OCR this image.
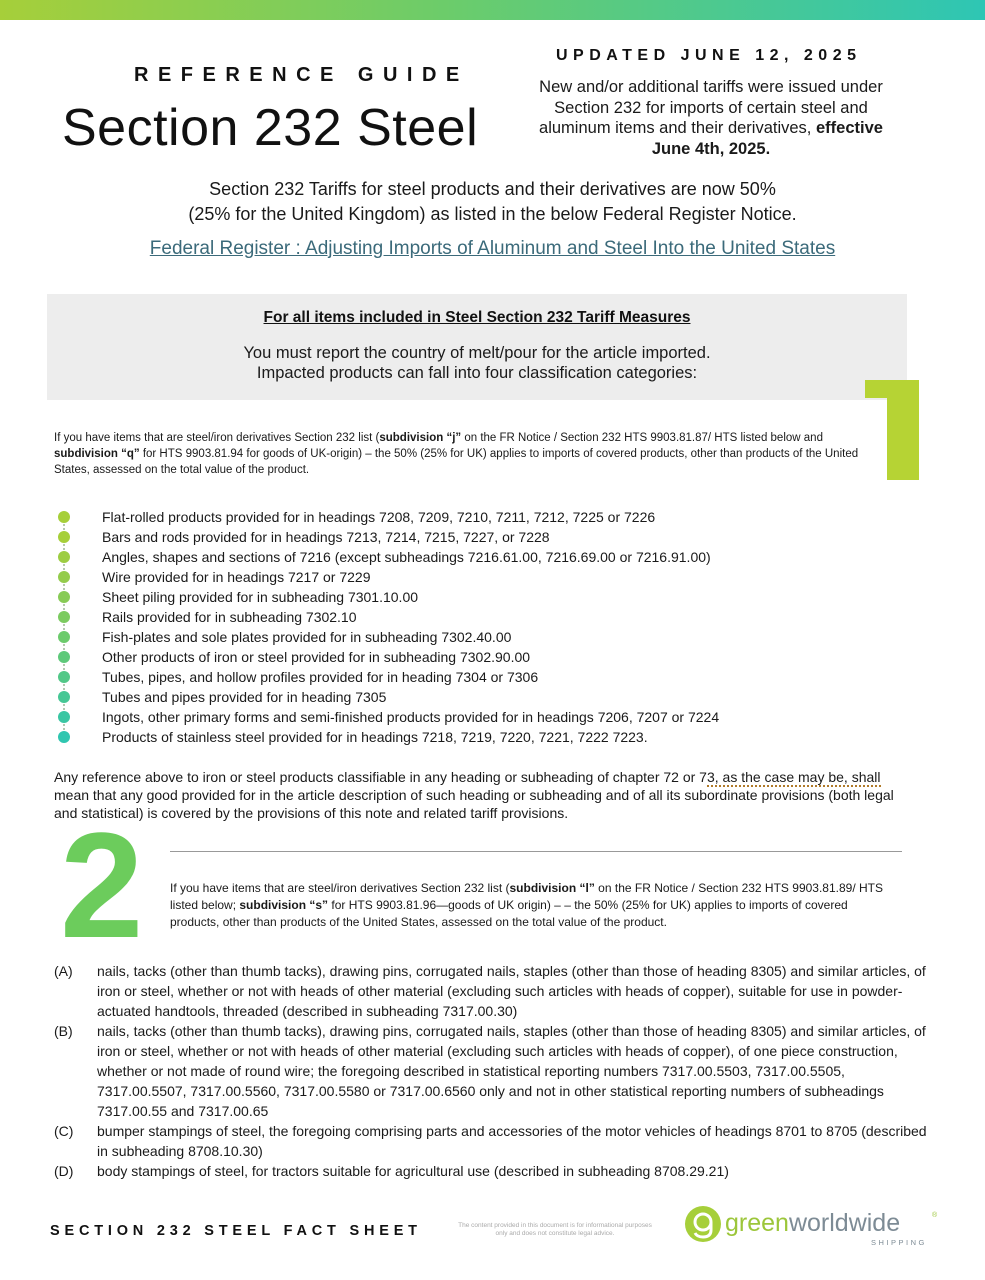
REFERENCE GUIDE
Section 232 Steel
UPDATED JUNE 12, 2025
New and/or additional tariffs were issued under Section 232 for imports of certain steel and aluminum items and their derivatives, effective June 4th, 2025.
Section 232 Tariffs for steel products and their derivatives are now 50%
(25% for the United Kingdom) as listed in the below Federal Register Notice.
Federal Register : Adjusting Imports of Aluminum and Steel Into the United States
For all items included in Steel Section 232 Tariff Measures
You must report the country of melt/pour for the article imported.
Impacted products can fall into four classification categories:
If you have items that are steel/iron derivatives Section 232 list (subdivision “j” on the FR Notice / Section 232 HTS 9903.81.87/ HTS listed below and subdivision “q” for HTS 9903.81.94 for goods of UK-origin) – the 50% (25% for UK) applies to imports of covered products, other than products of the United States, assessed on the total value of the product.
Flat-rolled products provided for in headings 7208, 7209, 7210, 7211, 7212, 7225 or 7226
Bars and rods provided for in headings 7213, 7214, 7215, 7227, or 7228
Angles, shapes and sections of 7216 (except subheadings 7216.61.00, 7216.69.00 or 7216.91.00)
Wire provided for in headings 7217 or 7229
Sheet piling provided for in subheading 7301.10.00
Rails provided for in subheading 7302.10
Fish-plates and sole plates provided for in subheading 7302.40.00
Other products of iron or steel provided for in subheading 7302.90.00
Tubes, pipes, and hollow profiles provided for in heading 7304 or 7306
Tubes and pipes provided for in heading 7305
Ingots, other primary forms and semi-finished products provided for in headings 7206, 7207 or 7224
Products of stainless steel provided for in headings 7218, 7219, 7220, 7221, 7222 7223.
Any reference above to iron or steel products classifiable in any heading or subheading of chapter 72 or 73, as the case may be, shall mean that any good provided for in the article description of such heading or subheading and of all its subordinate provisions (both legal and statistical) is covered by the provisions of this note and related tariff provisions.
2 If you have items that are steel/iron derivatives Section 232 list (subdivision “l” on the FR Notice / Section 232 HTS 9903.81.89/ HTS listed below; subdivision “s” for HTS 9903.81.96—goods of UK origin) – – the 50% (25% for UK) applies to imports of covered products, other than products of the United States, assessed on the total value of the product.
(A) nails, tacks (other than thumb tacks), drawing pins, corrugated nails, staples (other than those of heading 8305) and similar articles, of iron or steel, whether or not with heads of other material (excluding such articles with heads of copper), suitable for use in powder-actuated handtools, threaded (described in subheading 7317.00.30)
(B) nails, tacks (other than thumb tacks), drawing pins, corrugated nails, staples (other than those of heading 8305) and similar articles, of iron or steel, whether or not with heads of other material (excluding such articles with heads of copper), of one piece construction, whether or not made of round wire; the foregoing described in statistical reporting numbers 7317.00.5503, 7317.00.5505, 7317.00.5507, 7317.00.5560, 7317.00.5580 or 7317.00.6560 only and not in other statistical reporting numbers of subheadings 7317.00.55 and 7317.00.65
(C) bumper stampings of steel, the foregoing comprising parts and accessories of the motor vehicles of headings 8701 to 8705 (described in subheading 8708.10.30)
(D) body stampings of steel, for tractors suitable for agricultural use (described in subheading 8708.29.21)
SECTION 232 STEEL FACT SHEET	The content provided in this document is for informational purposes only and does not constitute legal advice.	greenworldwide	®
SHIPPING
